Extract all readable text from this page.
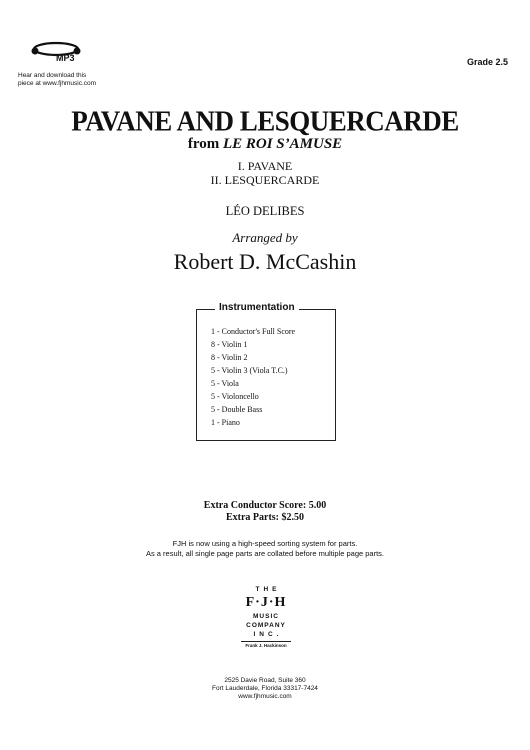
MP3
Hear and download this
piece at www.fjhmusic.com
Grade 2.5
PAVANE AND LESQUERCARDE
from LE ROI S’AMUSE
I. PAVANE
II. LESQUERCARDE
LÉO DELIBES
Arranged by
Robert D. McCashin
Instrumentation
1 - Conductor's Full Score
8 - Violin 1
8 - Violin 2
5 - Violin 3 (Viola T.C.)
5 - Viola
5 - Violoncello
5 - Double Bass
1 - Piano
Extra Conductor Score: 5.00
Extra Parts: $2.50
FJH is now using a high-speed sorting system for parts.
As a result, all single page parts are collated before multiple page parts.
THE
F·J·H
MUSIC
COMPANY
INC.
Frank J. Hackinson
2525 Davie Road, Suite 360
Fort Lauderdale, Florida 33317-7424
www.fjhmusic.com
